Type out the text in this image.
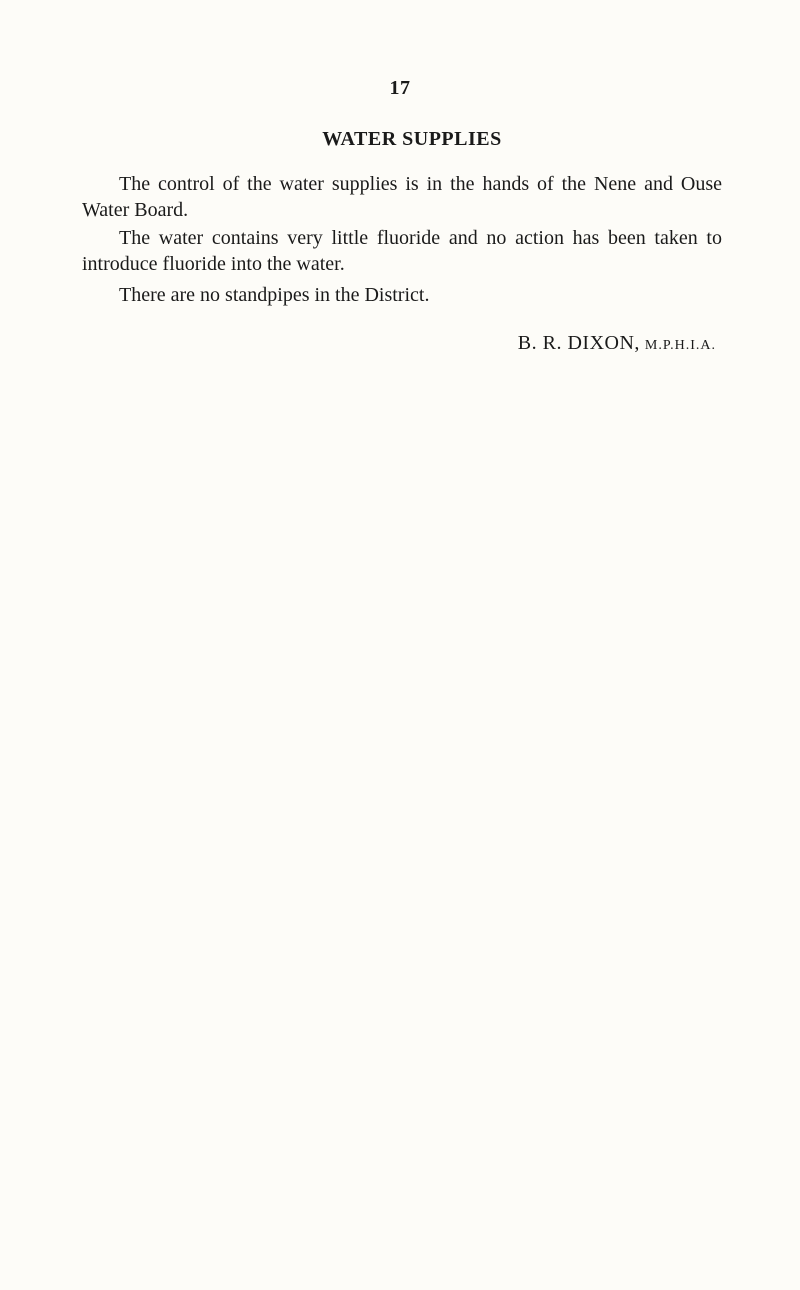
17
WATER SUPPLIES

The control of the water supplies is in the hands of the Nene and Ouse Water Board.

The water contains very little fluoride and no action has been taken to introduce fluoride into the water.

There are no standpipes in the District.

B. R. DIXON, M.P.H.I.A.
